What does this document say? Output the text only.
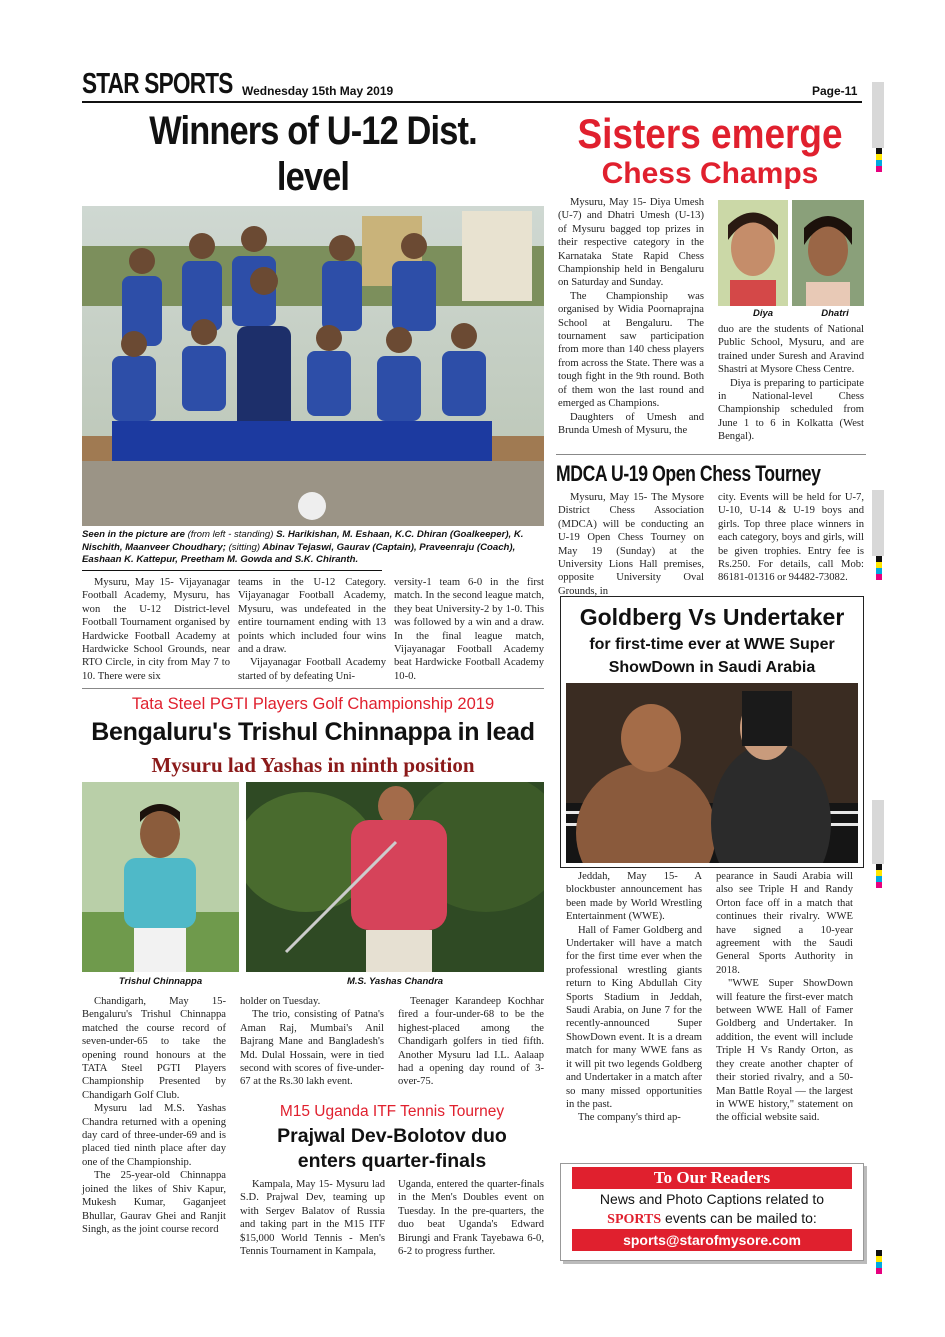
STAR SPORTS Wednesday 15th May 2019	Page-11
Winners of U-12 Dist. level
Seen in the picture are (from left - standing) S. Harikishan, M. Eshaan, K.C. Dhiran (Goalkeeper), K. Nischith, Maanveer Choudhary; (sitting) Abinav Tejaswi, Gaurav (Captain), Praveenraju (Coach), Eashaan K. Kattepur, Preetham M. Gowda and S.K. Chiranth.

Mysuru, May 15- Vijayanagar Football Academy, Mysuru, has won the U-12 District-level Football Tournament organised by Hardwicke Football Academy at Hardwicke School Grounds, near RTO Circle, in city from May 7 to 10. There were six

teams in the U-12 Category. Vijayanagar Football Academy, Mysuru, was undefeated in the entire tournament ending with 13 points which included four wins and a draw.

Vijayanagar Football Academy started of by defeating Uni-

versity-1 team 6-0 in the first match. In the second league match, they beat University-2 by 1-0. This was followed by a win and a draw. In the final league match, Vijayanagar Football Academy beat Hardwicke Football Academy 10-0.

Sisters emerge
Chess Champs

Mysuru, May 15- Diya Umesh (U-7) and Dhatri Umesh (U-13) of Mysuru bagged top prizes in their respective category in the Karnataka State Rapid Chess Championship held in Bengaluru on Saturday and Sunday.

The Championship was organised by Widia Poornaprajna School at Bengaluru. The tournament saw participation from more than 140 chess players from across the State. There was a tough fight in the 9th round. Both of them won the last round and emerged as Champions.

Daughters of Umesh and Brunda Umesh of Mysuru, the

Diya	Dhatri

duo are the students of National Public School, Mysuru, and are trained under Suresh and Aravind Shastri at Mysore Chess Centre.

Diya is preparing to participate in National-level Chess Championship scheduled from June 1 to 6 in Kolkatta (West Bengal).

MDCA U-19 Open Chess Tourney

Mysuru, May 15- The Mysore District Chess Association (MDCA) will be conducting an U-19 Open Chess Tourney on May 19 (Sunday) at the University Lions Hall premises, opposite University Oval Grounds, in

city. Events will be held for U-7, U-10, U-14 & U-19 boys and girls. Top three place winners in each category, boys and girls, will be given trophies. Entry fee is Rs.250. For details, call Mob: 86181-01316 or 94482-73082.

Goldberg Vs Undertaker
for first-time ever at WWE Super
ShowDown in Saudi Arabia

Jeddah, May 15- A blockbuster announcement has been made by World Wrestling Entertainment (WWE).

Hall of Famer Goldberg and Undertaker will have a match for the first time ever when the professional wrestling giants return to King Abdullah City Sports Stadium in Jeddah, Saudi Arabia, on June 7 for the recently-announced Super ShowDown event. It is a dream match for many WWE fans as it will pit two legends Goldberg and Undertaker in a match after so many missed opportunities in the past.

The company's third ap-

pearance in Saudi Arabia will also see Triple H and Randy Orton face off in a match that continues their rivalry. WWE have signed a 10-year agreement with the Saudi General Sports Authority in 2018.

"WWE Super ShowDown will feature the first-ever match between WWE Hall of Famer Goldberg and Undertaker. In addition, the event will include Triple H Vs Randy Orton, as they create another chapter of their storied rivalry, and a 50-Man Battle Royal — the largest in WWE history," statement on the official website said.

Tata Steel PGTI Players Golf Championship 2019
Bengaluru's Trishul Chinnappa in lead
Mysuru lad Yashas in ninth position
Trishul Chinnappa	M.S. Yashas Chandra

Chandigarh, May 15- Bengaluru's Trishul Chinnappa matched the course record of seven-under-65 to take the opening round honours at the TATA Steel PGTI Players Championship Presented by Chandigarh Golf Club.

Mysuru lad M.S. Yashas Chandra returned with a opening day card of three-under-69 and is placed tied ninth place after day one of the Championship.

The 25-year-old Chinnappa joined the likes of Shiv Kapur, Mukesh Kumar, Gaganjeet Bhullar, Gaurav Ghei and Ranjit Singh, as the joint course record

holder on Tuesday.

The trio, consisting of Patna's Aman Raj, Mumbai's Anil Bajrang Mane and Bangladesh's Md. Dulal Hossain, were in tied second with scores of five-under-67 at the Rs.30 lakh event.

Teenager Karandeep Kochhar fired a four-under-68 to be the highest-placed among the Chandigarh golfers in tied fifth. Another Mysuru lad I.L. Aalaap had a opening day round of 3-over-75.

M15 Uganda ITF Tennis Tourney
Prajwal Dev-Bolotov duo
enters quarter-finals

Kampala, May 15- Mysuru lad S.D. Prajwal Dev, teaming up with Sergev Balatov of Russia and taking part in the M15 ITF $15,000 World Tennis - Men's Tennis Tournament in Kampala,

Uganda, entered the quarter-finals in the Men's Doubles event on Tuesday. In the pre-quarters, the duo beat Uganda's Edward Birungi and Frank Tayebawa 6-0, 6-2 to progress further.

To Our Readers
News and Photo Captions related to
SPORTS events can be mailed to:
sports@starofmysore.com
